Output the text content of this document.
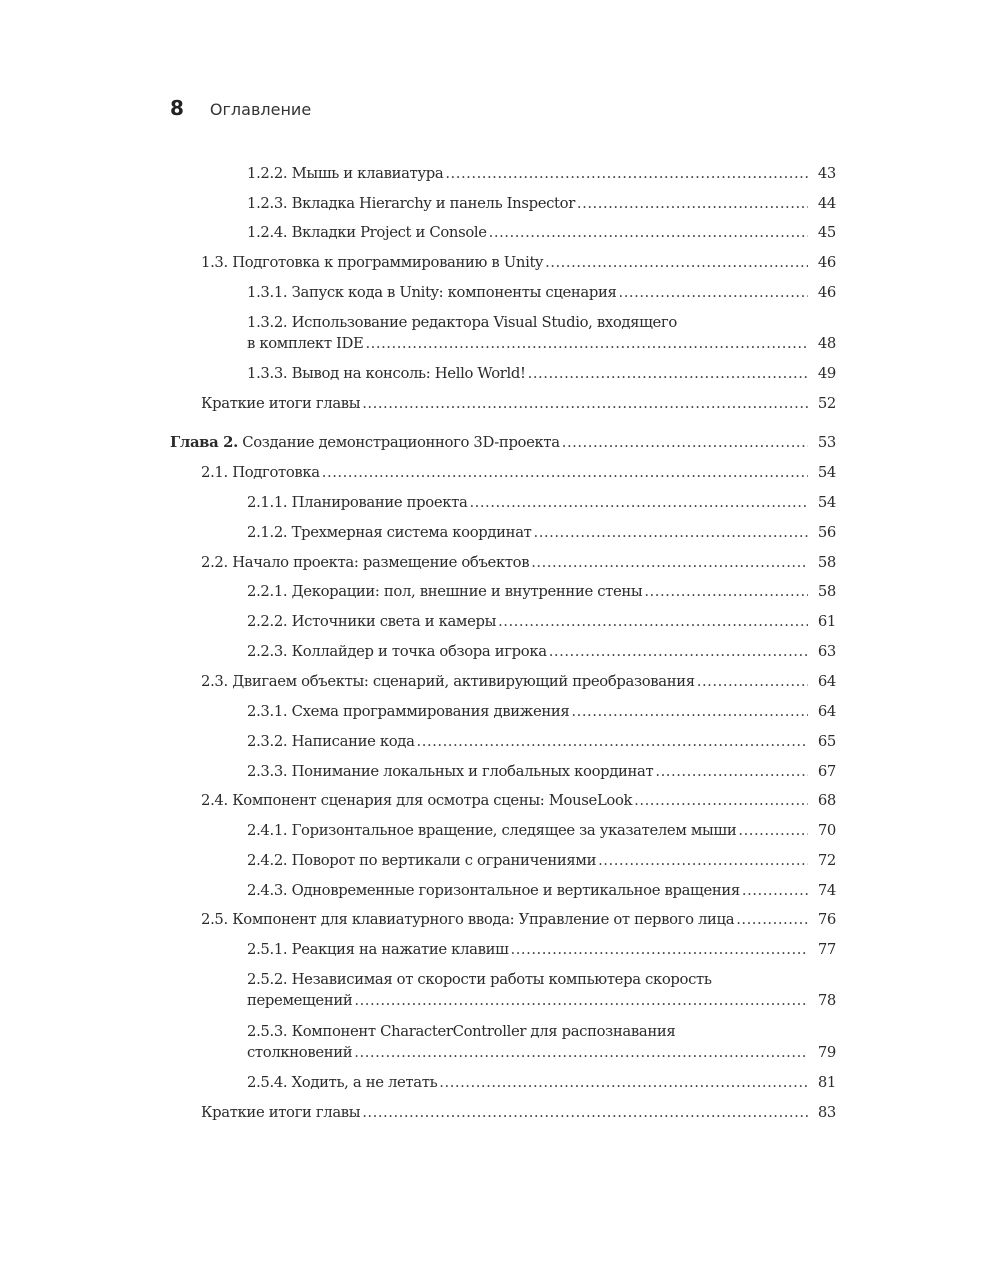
8 Оглавление
1.2.2. Мышь и клавиатура .....	43
1.2.3. Вкладка Hierarchy и панель Inspector .....	44
1.2.4. Вкладки Project и Console .....	45
1.3. Подготовка к программированию в Unity .....	46
1.3.1. Запуск кода в Unity: компоненты сценария .....	46
1.3.2. Использование редактора Visual Studio, входящего
в комплект IDE .....	48
1.3.3. Вывод на консоль: Hello World! .....	49
Краткие итоги главы .....	52
Глава 2. Создание демонстрационного 3D-проекта .....	53
2.1. Подготовка .....	54
2.1.1. Планирование проекта .....	54
2.1.2. Трехмерная система координат .....	56
2.2. Начало проекта: размещение объектов .....	58
2.2.1. Декорации: пол, внешние и внутренние стены .....	58
2.2.2. Источники света и камеры .....	61
2.2.3. Коллайдер и точка обзора игрока .....	63
2.3. Двигаем объекты: сценарий, активирующий преобразования .....	64
2.3.1. Схема программирования движения .....	64
2.3.2. Написание кода .....	65
2.3.3. Понимание локальных и глобальных координат .....	67
2.4. Компонент сценария для осмотра сцены: MouseLook .....	68
2.4.1. Горизонтальное вращение, следящее за указателем мыши .....	70
2.4.2. Поворот по вертикали с ограничениями .....	72
2.4.3. Одновременные горизонтальное и вертикальное вращения .....	74
2.5. Компонент для клавиатурного ввода: Управление от первого лица .....	76
2.5.1. Реакция на нажатие клавиш .....	77
2.5.2. Независимая от скорости работы компьютера скорость
перемещений .....	78
2.5.3. Компонент CharacterController для распознавания
столкновений .....	79
2.5.4. Ходить, а не летать .....	81
Краткие итоги главы .....	83
